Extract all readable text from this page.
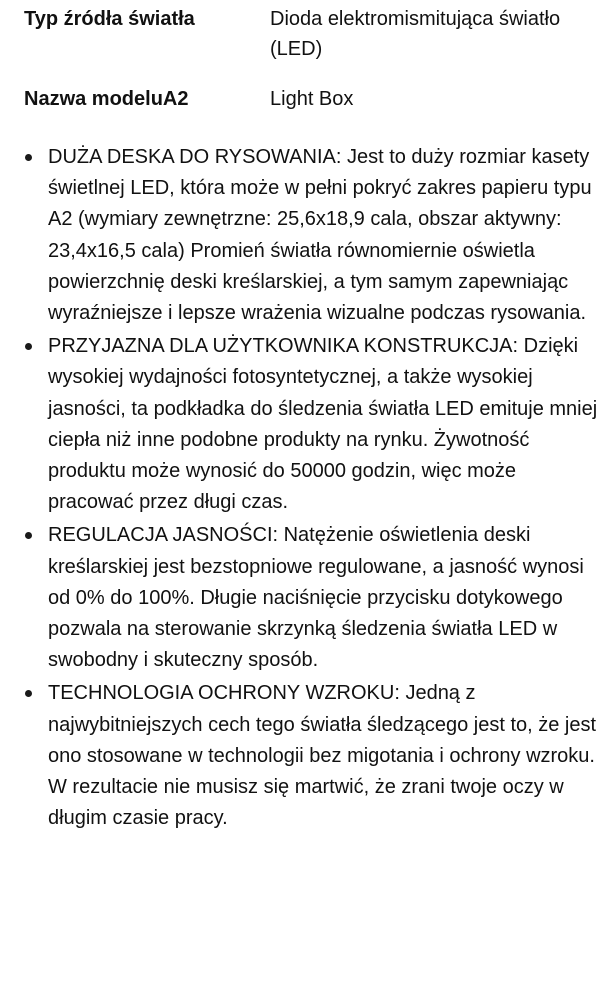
Typ źródła światła	Dioda elektromismitująca światło (LED)
Nazwa modeluA2	Light Box
DUŻA DESKA DO RYSOWANIA: Jest to duży rozmiar kasety świetlnej LED, która może w pełni pokryć zakres papieru typu A2 (wymiary zewnętrzne: 25,6x18,9 cala, obszar aktywny: 23,4x16,5 cala) Promień światła równomiernie oświetla powierzchnię deski kreślarskiej, a tym samym zapewniając wyraźniejsze i lepsze wrażenia wizualne podczas rysowania.
PRZYJAZNA DLA UŻYTKOWNIKA KONSTRUKCJA: Dzięki wysokiej wydajności fotosyntetycznej, a także wysokiej jasności, ta podkładka do śledzenia światła LED emituje mniej ciepła niż inne podobne produkty na rynku. Żywotność produktu może wynosić do 50000 godzin, więc może pracować przez długi czas.
REGULACJA JASNOŚCI: Natężenie oświetlenia deski kreślarskiej jest bezstopniowe regulowane, a jasność wynosi od 0% do 100%. Długie naciśnięcie przycisku dotykowego pozwala na sterowanie skrzynką śledzenia światła LED w swobodny i skuteczny sposób.
TECHNOLOGIA OCHRONY WZROKU: Jedną z najwybitniejszych cech tego światła śledzącego jest to, że jest ono stosowane w technologii bez migotania i ochrony wzroku. W rezultacie nie musisz się martwić, że zrani twoje oczy w długim czasie pracy.
